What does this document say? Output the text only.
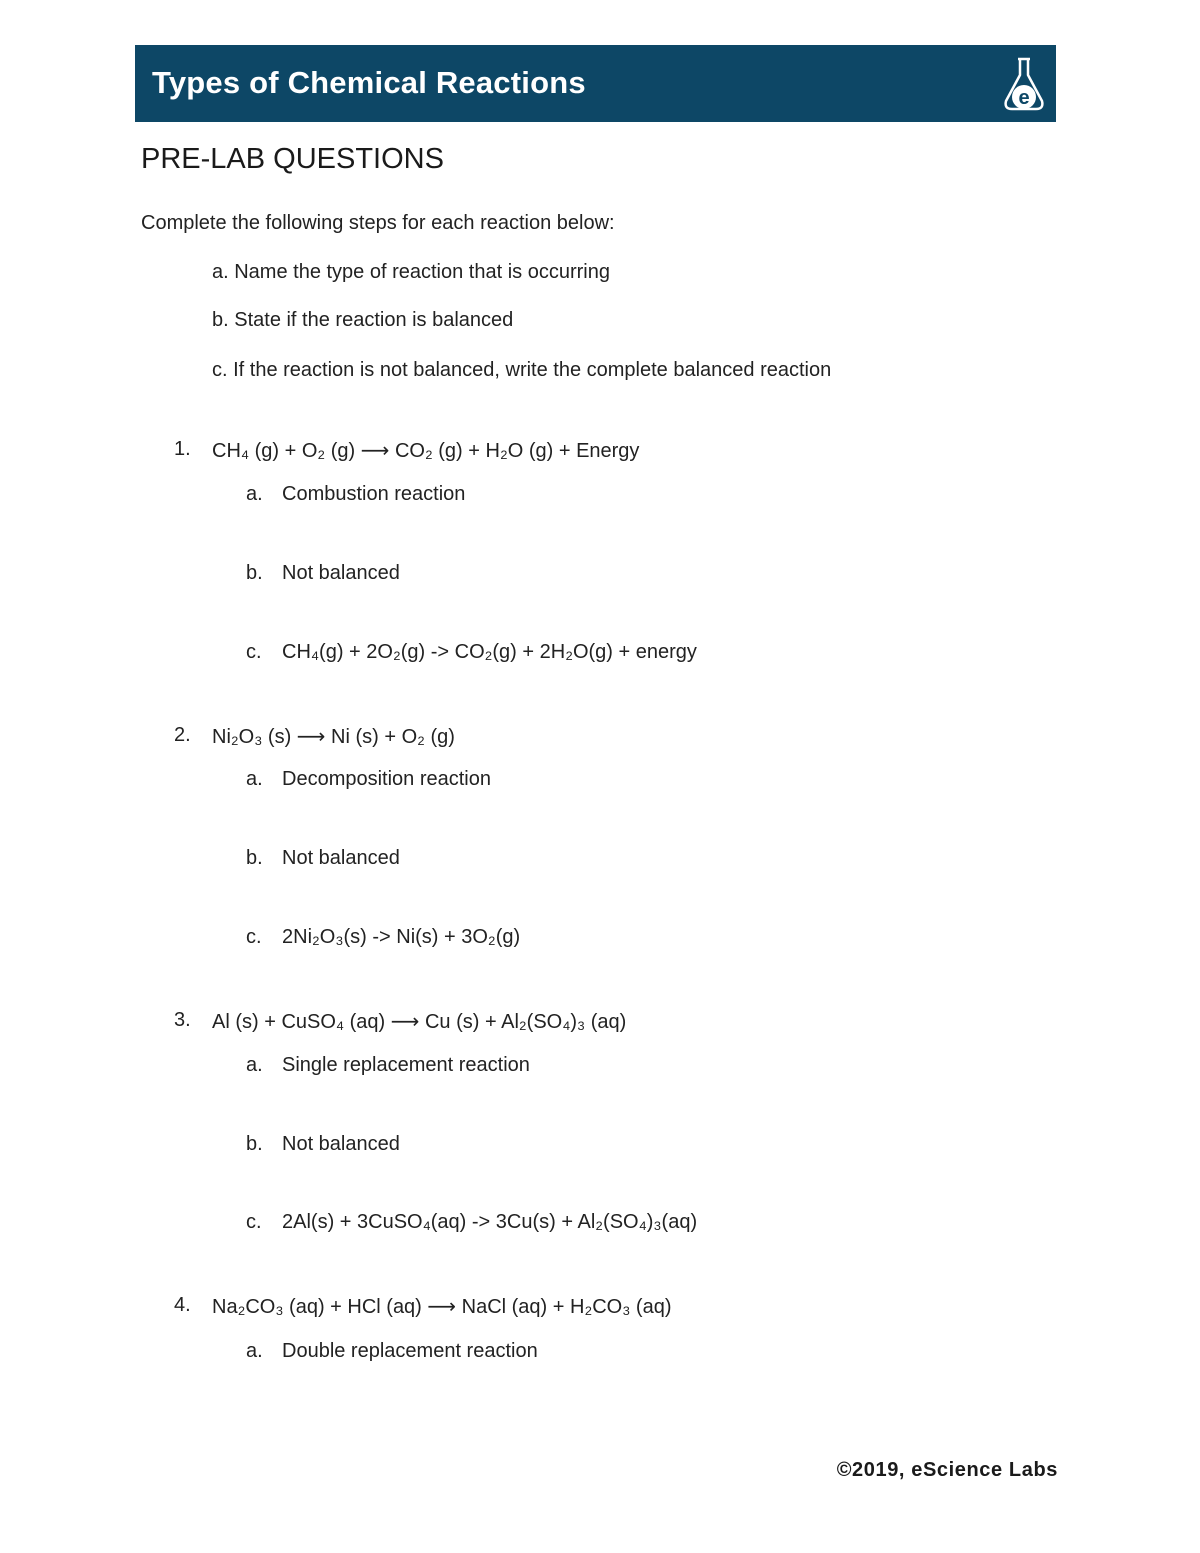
Types of Chemical Reactions	e
PRE-LAB QUESTIONS
Complete the following steps for each reaction below:
a. Name the type of reaction that is occurring
b. State if the reaction is balanced
c. If the reaction is not balanced, write the complete balanced reaction
1. CH₄ (g) + O₂ (g) ⟶ CO₂ (g) + H₂O (g) + Energy
a. Combustion reaction
b. Not balanced
c. CH₄(g) + 2O₂(g) -> CO₂(g) + 2H₂O(g) + energy
2. Ni₂O₃ (s) ⟶ Ni (s) + O₂ (g)
a. Decomposition reaction
b. Not balanced
c. 2Ni₂O₃(s) -> Ni(s) + 3O₂(g)
3. Al (s) + CuSO₄ (aq) ⟶ Cu (s) + Al₂(SO₄)₃ (aq)
a. Single replacement reaction
b. Not balanced
c. 2Al(s) + 3CuSO₄(aq) -> 3Cu(s) + Al₂(SO₄)₃(aq)
4. Na₂CO₃ (aq) + HCl (aq) ⟶ NaCl (aq) + H₂CO₃ (aq)
a. Double replacement reaction
©2019, eScience Labs
